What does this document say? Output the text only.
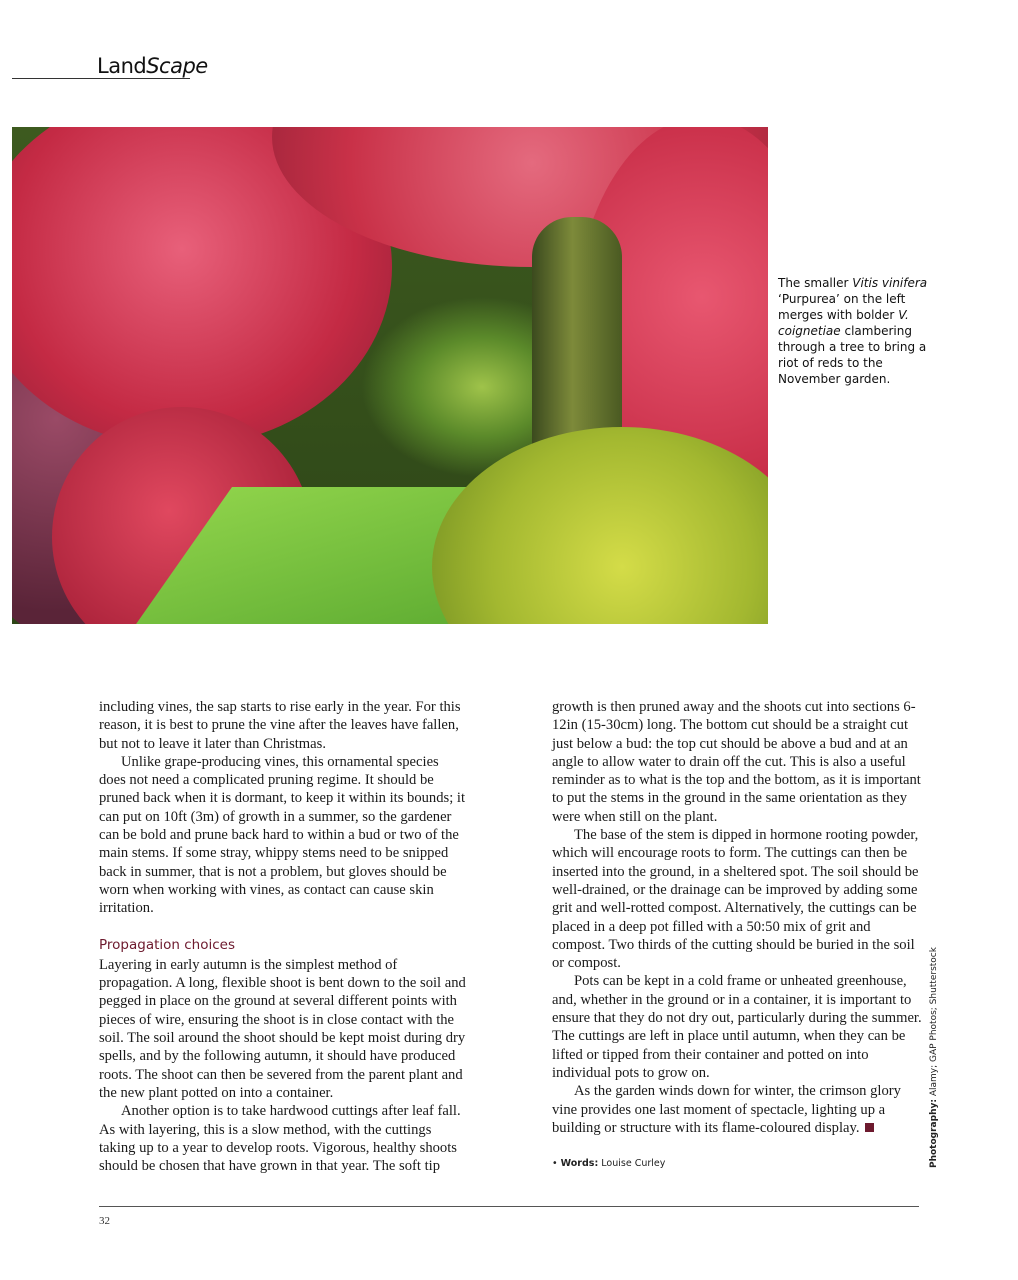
LandScape
The smaller Vitis vinifera ‘Purpurea’ on the left merges with bolder V. coignetiae clambering through a tree to bring a riot of reds to the November garden.

including vines, the sap starts to rise early in the year. For this reason, it is best to prune the vine after the leaves have fallen, but not to leave it later than Christmas.

Unlike grape-producing vines, this ornamental species does not need a complicated pruning regime. It should be pruned back when it is dormant, to keep it within its bounds; it can put on 10ft (3m) of growth in a summer, so the gardener can be bold and prune back hard to within a bud or two of the main stems. If some stray, whippy stems need to be snipped back in summer, that is not a problem, but gloves should be worn when working with vines, as contact can cause skin irritation.

Propagation choices

Layering in early autumn is the simplest method of propagation. A long, flexible shoot is bent down to the soil and pegged in place on the ground at several different points with pieces of wire, ensuring the shoot is in close contact with the soil. The soil around the shoot should be kept moist during dry spells, and by the following autumn, it should have produced roots. The shoot can then be severed from the parent plant and the new plant potted on into a container.

Another option is to take hardwood cuttings after leaf fall. As with layering, this is a slow method, with the cuttings taking up to a year to develop roots. Vigorous, healthy shoots should be chosen that have grown in that year. The soft tip

growth is then pruned away and the shoots cut into sections 6-12in (15-30cm) long. The bottom cut should be a straight cut just below a bud: the top cut should be above a bud and at an angle to allow water to drain off the cut. This is also a useful reminder as to what is the top and the bottom, as it is important to put the stems in the ground in the same orientation as they were when still on the plant.

The base of the stem is dipped in hormone rooting powder, which will encourage roots to form. The cuttings can then be inserted into the ground, in a sheltered spot. The soil should be well-drained, or the drainage can be improved by adding some grit and well-rotted compost. Alternatively, the cuttings can be placed in a deep pot filled with a 50:50 mix of grit and compost. Two thirds of the cutting should be buried in the soil or compost.

Pots can be kept in a cold frame or unheated greenhouse, and, whether in the ground or in a container, it is important to ensure that they do not dry out, particularly during the summer. The cuttings are left in place until autumn, when they can be lifted or tipped from their container and potted on into individual pots to grow on.

As the garden winds down for winter, the crimson glory vine provides one last moment of spectacle, lighting up a building or structure with its flame-coloured display.

• Words: Louise Curley	Photography: Alamy; GAP Photos; Shutterstock
32
